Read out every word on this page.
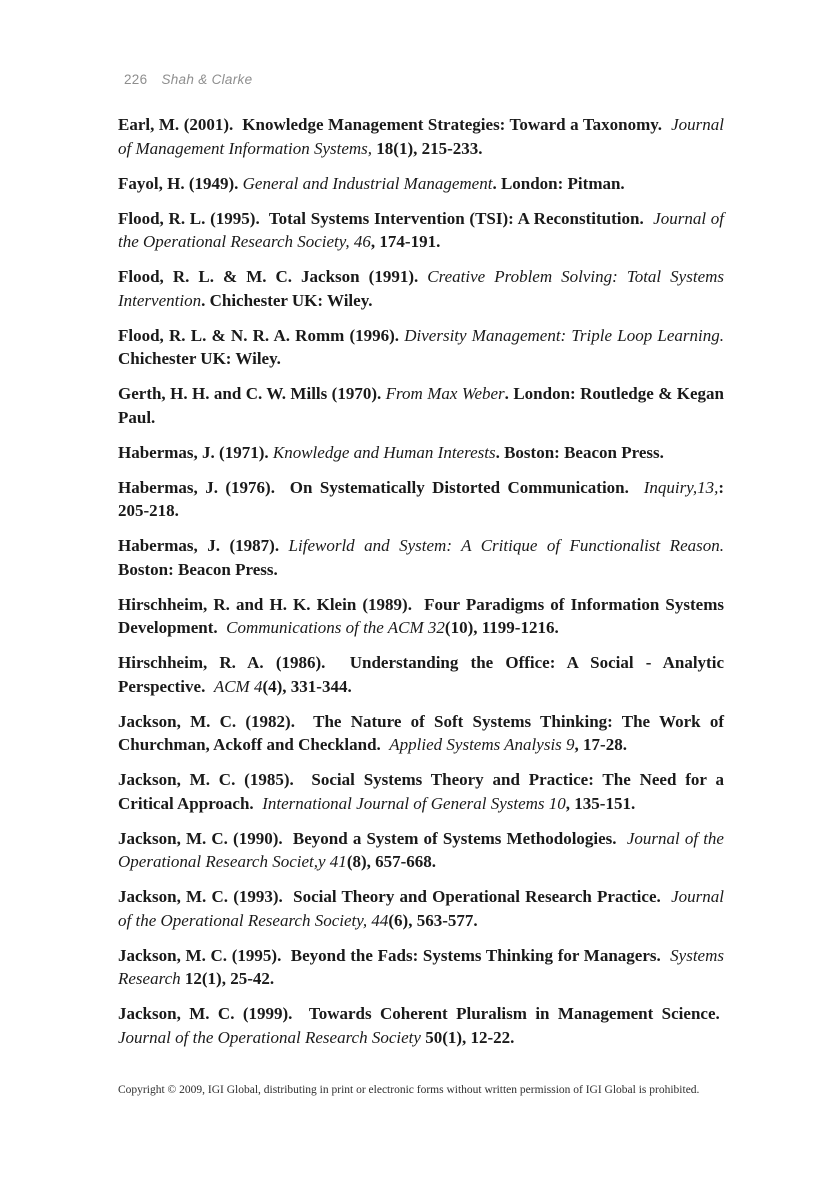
226 Shah & Clarke

Earl, M. (2001).  Knowledge Management Strategies: Toward a Taxonomy.  Journal of Management Information Systems, 18(1), 215-233.

Fayol, H. (1949). General and Industrial Management. London: Pitman.

Flood, R. L. (1995).  Total Systems Intervention (TSI): A Reconstitution.  Journal of the Operational Research Society, 46, 174-191.

Flood, R. L. & M. C. Jackson (1991). Creative Problem Solving: Total Systems Intervention. Chichester UK: Wiley.

Flood, R. L. & N. R. A. Romm (1996). Diversity Management: Triple Loop Learning. Chichester UK: Wiley.

Gerth, H. H. and C. W. Mills (1970). From Max Weber. London: Routledge & Kegan Paul.

Habermas, J. (1971). Knowledge and Human Interests. Boston: Beacon Press.

Habermas, J. (1976).  On Systematically Distorted Communication.  Inquiry,13,: 205-218.

Habermas, J. (1987). Lifeworld and System: A Critique of Functionalist Reason. Boston: Beacon Press.

Hirschheim, R. and H. K. Klein (1989).  Four Paradigms of Information Systems Development.  Communications of the ACM 32(10), 1199-1216.

Hirschheim, R. A. (1986).  Understanding the Office: A Social - Analytic Perspective.  ACM 4(4), 331-344.

Jackson, M. C. (1982).  The Nature of Soft Systems Thinking: The Work of Churchman, Ackoff and Checkland.  Applied Systems Analysis 9, 17-28.

Jackson, M. C. (1985).  Social Systems Theory and Practice: The Need for a Critical Approach.  International Journal of General Systems 10, 135-151.

Jackson, M. C. (1990).  Beyond a System of Systems Methodologies.  Journal of the Operational Research Societ,y 41(8), 657-668.

Jackson, M. C. (1993).  Social Theory and Operational Research Practice.  Journal of the Operational Research Society, 44(6), 563-577.

Jackson, M. C. (1995).  Beyond the Fads: Systems Thinking for Managers.  Systems Research 12(1), 25-42.

Jackson, M. C. (1999).  Towards Coherent Pluralism in Management Science.  Journal of the Operational Research Society 50(1), 12-22.

Copyright © 2009, IGI Global, distributing in print or electronic forms without written permission of IGI Global is prohibited.
